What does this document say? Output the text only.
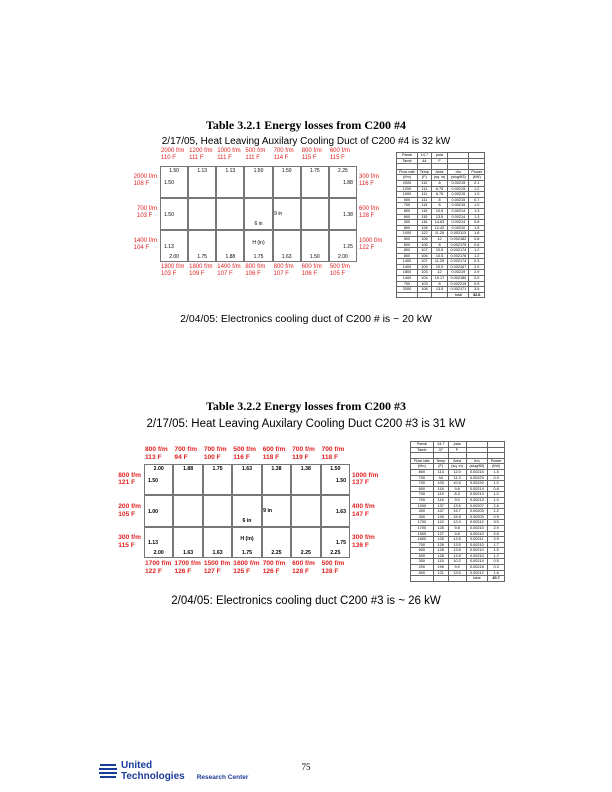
Table 3.2.1 Energy losses from C200 #4
2/17/05, Heat Leaving Auxilary Cooling Duct of C200 #4 is 32 kW
2000 f/m
110 F
1200 f/m
111 F
1000 f/m
111 F
500 f/m
111 F
700 f/m
114 F
800 f/m
115 F
600 f/m
115 F
1800 f/m
103 F
1800 f/m
109 F
1400 f/m
107 F
800 f/m
106 F
800 f/m
107 F
600 f/m
106 F
500 f/m
105 F
2000 f/m
108 F
700 f/m
103 F
1400 f/m
104 F
300 f/m
116 F
600 f/m
128 F
1000 f/m
122 F
1.50	1.13	1.13	1.50	1.50	1.75	2.25
2.00	1.75	1.88	1.75	1.63	1.50	2.00
1.50
1.50
1.13
1.88
1.38
1.25
6 in
9 in
H (in)
Pamb	14.7	psia		
Tamb	44	F		

Flow rate	Temp	Area	rho	Power
(f/m)	(F)	(sq. in)	(slug/ft3)	(kW)
2000	110	8	0.00215	2.1
1200	111	6.75	0.00215	1.2
1000	111	6.75	0.00215	1.0
500	111	8	0.00215	0.7
700	114	8	0.00215	1.0
800	115	10.5	0.00214	1.3
600	115	13.5	0.00214	1.3
300	116	14.63	0.00214	0.8
800	128	12.42	0.00210	1.5
1000	122	11.25	0.002113	1.8
500	106	12	0.002182	0.8
600	106	8	0.002175	0.8
800	107	10.5	0.002174	1.2
800	106	10.5	0.002176	1.2
1400	107	11.25	0.002174	2.3
1400	109	10.5	0.002167	2.0
1800	103	12	0.00219	2.9
1400	104	10.17	0.002180	2.0
700	103	8	0.002219	0.9
2000	108	13.5	0.002171	3.5
			total	32.6
2/04/05: Electronics cooling duct of C200 # is ~ 20 kW
Table 3.2.2 Energy losses from C200 #3
2/17/05: Heat Leaving Auxilary Cooling Duct C200 #3 is 31 kW
800 f/m
113 F
700 f/m
94 F
700 f/m
100 F
500 f/m
116 F
600 f/m
118 F
700 f/m
119 F
700 f/m
118 F
1700 f/m
122 F
1700 f/m
126 F
1500 f/m
127 F
1600 f/m
125 F
700 f/m
126 F
600 f/m
128 F
500 f/m
128 F
800 f/m
121 F
200 f/m
105 F
300 f/m
115 F
1000 f/m
137 F
400 f/m
147 F
300 f/m
136 F
2.00	1.88	1.75	1.63	1.38	1.38	1.50
2.00	1.63	1.63	1.75	2.25	2.25	2.25
1.50
1.00
1.13
1.50
1.63
1.75
6 in
9 in
H (in)
Pamb	14.7	psia		
Tamb	37	F		

Flow rate	Temp	Area	rho	Power
(f/m)	(F)	(sq. in)	(slug/ft3)	(kW)
800	113	12.0	0.00215	1.5
700	94	11.3	0.00223	0.9
700	100	10.5	0.00220	1.0
600	116	9.8	0.00214	0.8
700	119	8.3	0.00213	1.0
700	116	9.0	0.00213	1.0
1000	137	13.5	0.00207	2.6
400	147	14.7	0.00203	1.2
300	130	15.8	0.00209	0.9
1700	122	12.0	0.00212	3.5
1700	126	9.8	0.00210	2.9
1500	127	9.8	0.00210	2.6
1600	125	13.5	0.00211	2.9
700	126	13.5	0.00210	1.7
600	128	13.5	0.00210	1.5
500	128	13.5	0.00210	1.2
300	115	10.2	0.00214	0.5
200	195	9.0	0.00218	0.3
800	121	13.5	0.00212	1.6
			total	30.7
2/04/05: Electronics cooling duct C200 #3 is ~ 26 kW
75
United
Technologies Research Center
